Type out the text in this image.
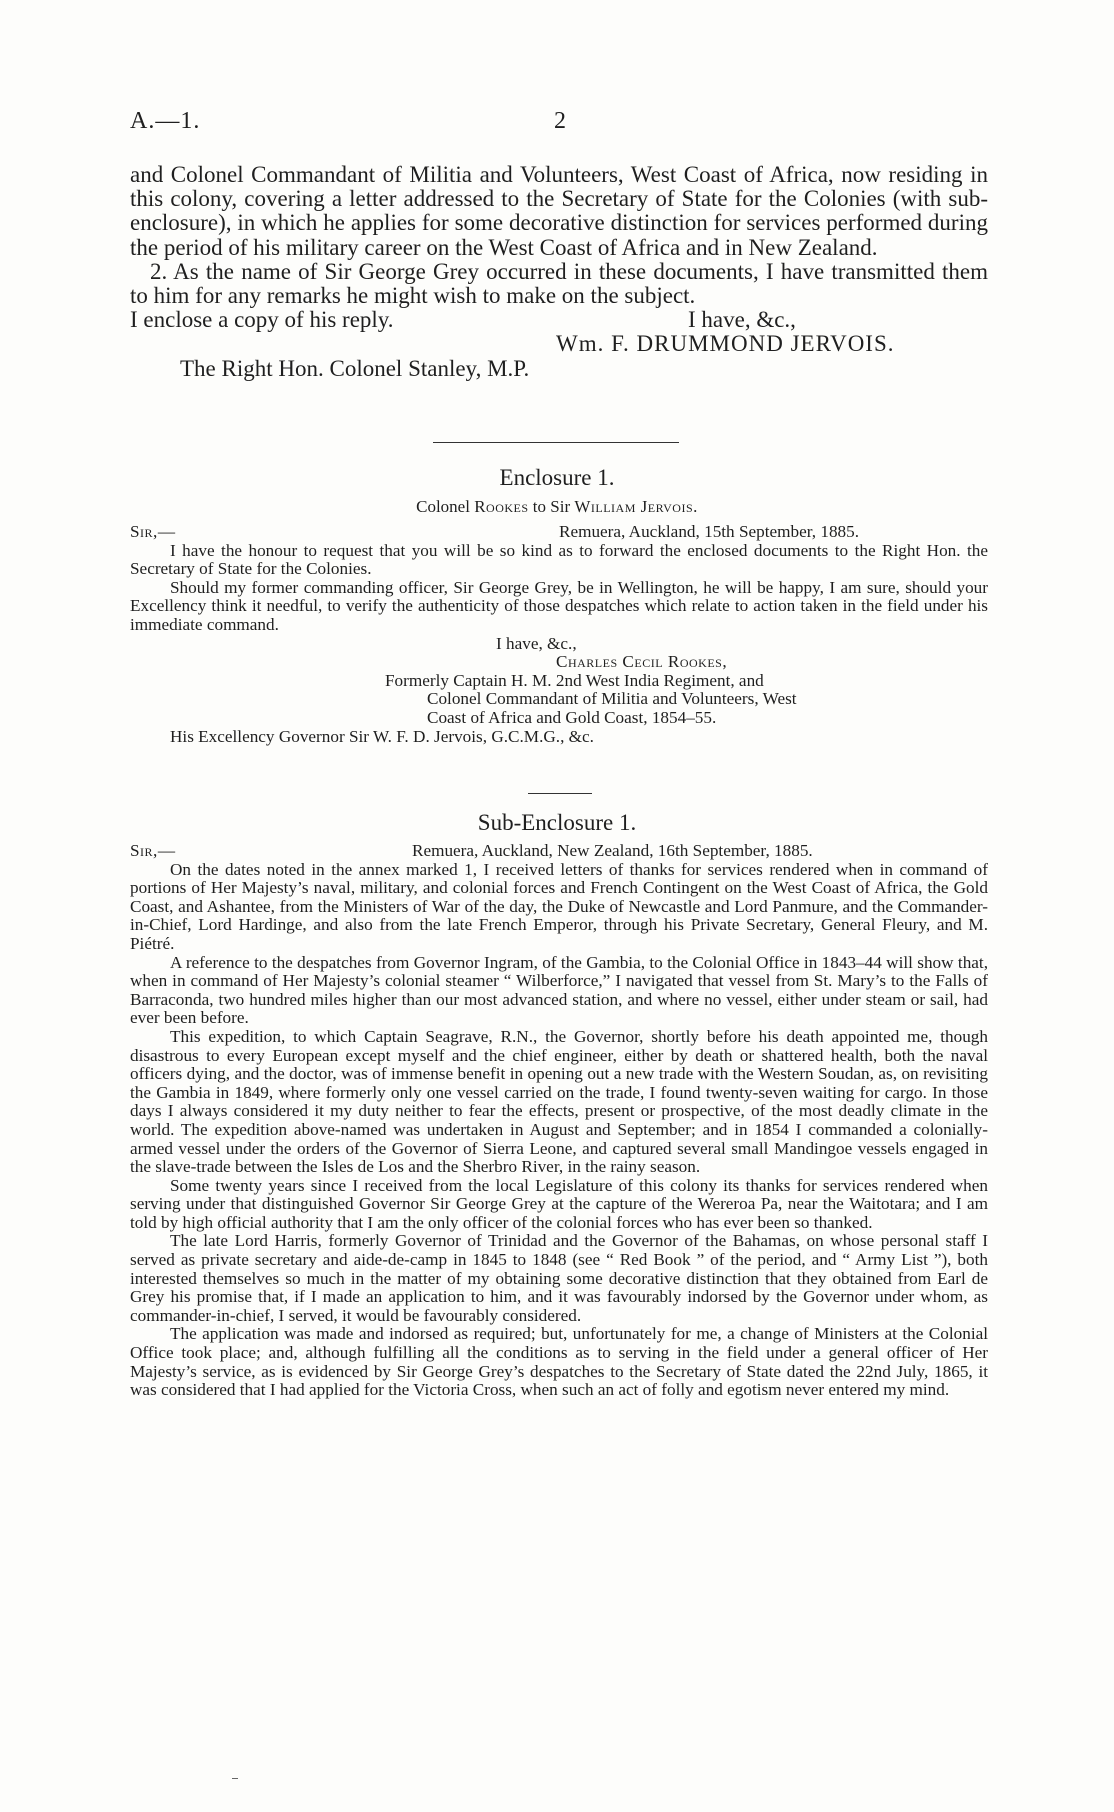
A.—1.	2

and Colonel Commandant of Militia and Volunteers, West Coast of Africa, now residing in this colony, covering a letter addressed to the Secretary of State for the Colonies (with sub-enclosure), in which he applies for some decorative distinction for services performed during the period of his military career on the West Coast of Africa and in New Zealand.

2. As the name of Sir George Grey occurred in these documents, I have transmitted them to him for any remarks he might wish to make on the subject.

I enclose a copy of his reply.	I have, &c.,
Wm. F. DRUMMOND JERVOIS.
The Right Hon. Colonel Stanley, M.P.
Enclosure 1.
Colonel Rookes to Sir William Jervois.
Sir,—	Remuera, Auckland, 15th September, 1885.

I have the honour to request that you will be so kind as to forward the enclosed documents to the Right Hon. the Secretary of State for the Colonies.

Should my former commanding officer, Sir George Grey, be in Wellington, he will be happy, I am sure, should your Excellency think it needful, to verify the authenticity of those despatches which relate to action taken in the field under his immediate command.

I have, &c.,
Charles Cecil Rookes,
Formerly Captain H. M. 2nd West India Regiment, and
Colonel Commandant of Militia and Volunteers, West
Coast of Africa and Gold Coast, 1854–55.
His Excellency Governor Sir W. F. D. Jervois, G.C.M.G., &c.
Sub-Enclosure 1.
Sir,—	Remuera, Auckland, New Zealand, 16th September, 1885.

On the dates noted in the annex marked 1, I received letters of thanks for services rendered when in command of portions of Her Majesty’s naval, military, and colonial forces and French Contingent on the West Coast of Africa, the Gold Coast, and Ashantee, from the Ministers of War of the day, the Duke of Newcastle and Lord Panmure, and the Commander-in-Chief, Lord Hardinge, and also from the late French Emperor, through his Private Secretary, General Fleury, and M. Piétré.

A reference to the despatches from Governor Ingram, of the Gambia, to the Colonial Office in 1843–44 will show that, when in command of Her Majesty’s colonial steamer “ Wilberforce,” I navigated that vessel from St. Mary’s to the Falls of Barraconda, two hundred miles higher than our most advanced station, and where no vessel, either under steam or sail, had ever been before.

This expedition, to which Captain Seagrave, R.N., the Governor, shortly before his death appointed me, though disastrous to every European except myself and the chief engineer, either by death or shattered health, both the naval officers dying, and the doctor, was of immense benefit in opening out a new trade with the Western Soudan, as, on revisiting the Gambia in 1849, where formerly only one vessel carried on the trade, I found twenty-seven waiting for cargo. In those days I always considered it my duty neither to fear the effects, present or prospective, of the most deadly climate in the world. The expedition above-named was undertaken in August and September; and in 1854 I commanded a colonially-armed vessel under the orders of the Governor of Sierra Leone, and captured several small Mandingoe vessels engaged in the slave-trade between the Isles de Los and the Sherbro River, in the rainy season.

Some twenty years since I received from the local Legislature of this colony its thanks for services rendered when serving under that distinguished Governor Sir George Grey at the capture of the Wereroa Pa, near the Waitotara; and I am told by high official authority that I am the only officer of the colonial forces who has ever been so thanked.

The late Lord Harris, formerly Governor of Trinidad and the Governor of the Bahamas, on whose personal staff I served as private secretary and aide-de-camp in 1845 to 1848 (see “ Red Book ” of the period, and “ Army List ”), both interested themselves so much in the matter of my obtaining some decorative distinction that they obtained from Earl de Grey his promise that, if I made an application to him, and it was favourably indorsed by the Governor under whom, as commander-in-chief, I served, it would be favourably considered.

The application was made and indorsed as required; but, unfortunately for me, a change of Ministers at the Colonial Office took place; and, although fulfilling all the conditions as to serving in the field under a general officer of Her Majesty’s service, as is evidenced by Sir George Grey’s despatches to the Secretary of State dated the 22nd July, 1865, it was considered that I had applied for the Victoria Cross, when such an act of folly and egotism never entered my mind.
